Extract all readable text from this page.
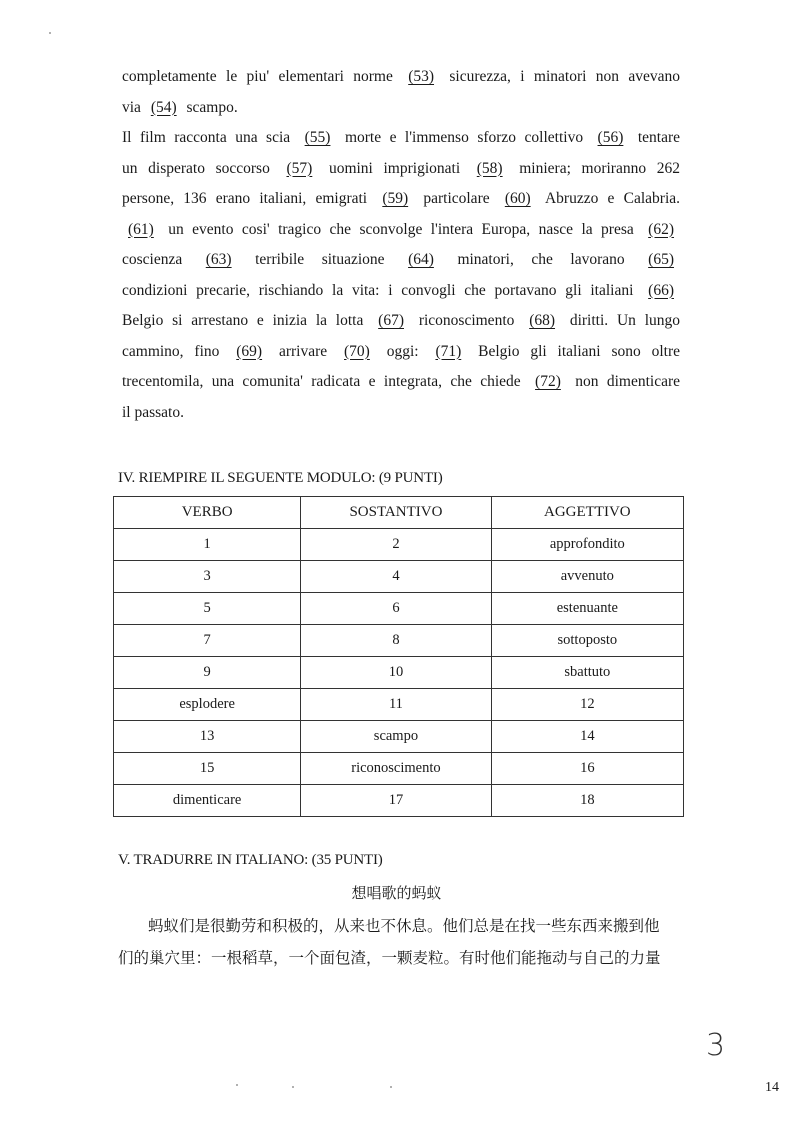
completamente le piu' elementari norme (53) sicurezza, i minatori non avevano
via (54) scampo.
Il film racconta una scia (55) morte e l'immenso sforzo collettivo (56) tentare
un disperato soccorso (57) uomini imprigionati (58) miniera; moriranno 262
persone, 136 erano italiani, emigrati (59) particolare (60) Abruzzo e Calabria.
(61) un evento cosi' tragico che sconvolge l'intera Europa, nasce la presa (62)
coscienza (63) terribile situazione (64) minatori, che lavorano (65)
condizioni precarie, rischiando la vita: i convogli che portavano gli italiani (66)
Belgio si arrestano e inizia la lotta (67) riconoscimento (68) diritti. Un lungo
cammino, fino (69) arrivare (70) oggi: (71) Belgio gli italiani sono oltre
trecentomila, una comunita' radicata e integrata, che chiede (72) non dimenticare
il passato.
IV. RIEMPIRE IL SEGUENTE MODULO: (9 PUNTI)
VERBO	SOSTANTIVO	AGGETTIVO
1	2	approfondito
3	4	avvenuto
5	6	estenuante
7	8	sottoposto
9	10	sbattuto
esplodere	11	12
13	scampo	14
15	riconoscimento	16
dimenticare	17	18
V. TRADURRE IN ITALIANO: (35 PUNTI)
想唱歌的蚂蚁
蚂蚁们是很勤劳和积极的，从来也不休息。他们总是在找一些东西来搬到他
们的巢穴里：一根稻草，一个面包渣，一颗麦粒。有时他们能拖动与自己的力量
3
14
